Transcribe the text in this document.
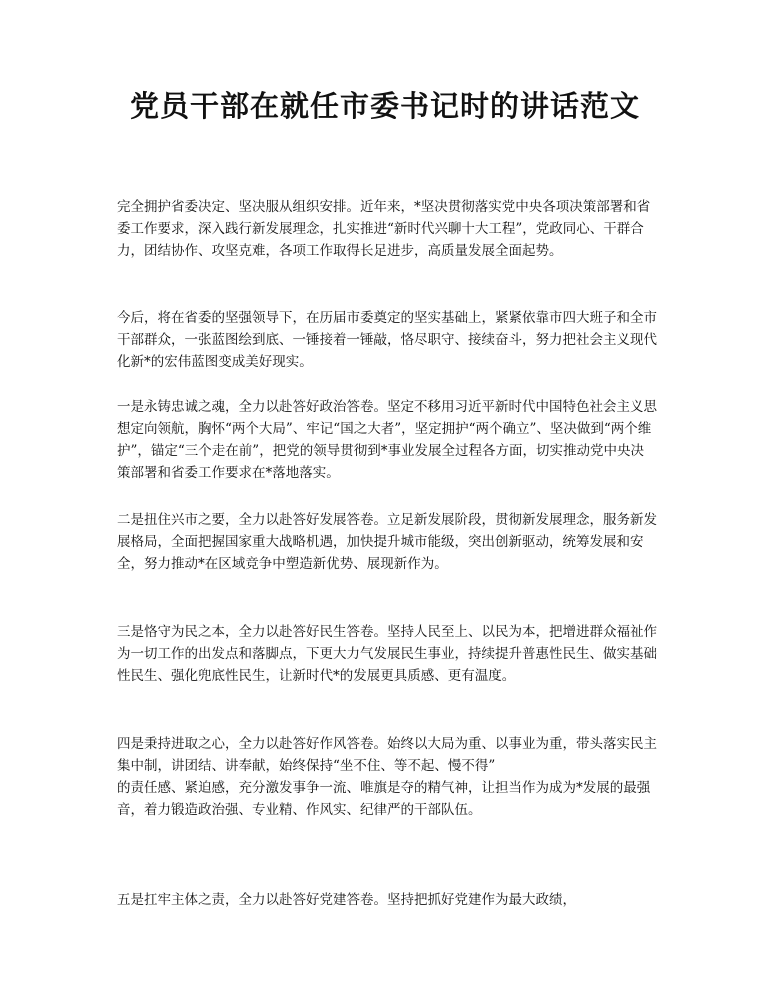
党员干部在就任市委书记时的讲话范文

完全拥护省委决定、坚决服从组织安排。近年来，*坚决贯彻落实党中央各项决策部署和省委工作要求，深入践行新发展理念，扎实推进“新时代兴聊十大工程”，党政同心、干群合力，团结协作、攻坚克难，各项工作取得长足进步，高质量发展全面起势。

今后，将在省委的坚强领导下，在历届市委奠定的坚实基础上，紧紧依靠市四大班子和全市干部群众，一张蓝图绘到底、一锤接着一锤敲，恪尽职守、接续奋斗，努力把社会主义现代化新*的宏伟蓝图变成美好现实。

一是永铸忠诚之魂，全力以赴答好政治答卷。坚定不移用习近平新时代中国特色社会主义思想定向领航，胸怀“两个大局”、牢记“国之大者”，坚定拥护“两个确立”、坚决做到“两个维护”，锚定“三个走在前”，把党的领导贯彻到*事业发展全过程各方面，切实推动党中央决策部署和省委工作要求在*落地落实。

二是扭住兴市之要，全力以赴答好发展答卷。立足新发展阶段，贯彻新发展理念，服务新发展格局，全面把握国家重大战略机遇，加快提升城市能级，突出创新驱动，统筹发展和安全，努力推动*在区域竞争中塑造新优势、展现新作为。

三是恪守为民之本，全力以赴答好民生答卷。坚持人民至上、以民为本，把增进群众福祉作为一切工作的出发点和落脚点，下更大力气发展民生事业，持续提升普惠性民生、做实基础性民生、强化兜底性民生，让新时代*的发展更具质感、更有温度。

四是秉持进取之心，全力以赴答好作风答卷。始终以大局为重、以事业为重，带头落实民主集中制，讲团结、讲奉献，始终保持“坐不住、等不起、慢不得”
的责任感、紧迫感，充分激发事争一流、唯旗是夺的精气神，让担当作为成为*发展的最强音，着力锻造政治强、专业精、作风实、纪律严的干部队伍。

五是扛牢主体之责，全力以赴答好党建答卷。坚持把抓好党建作为最大政绩，
